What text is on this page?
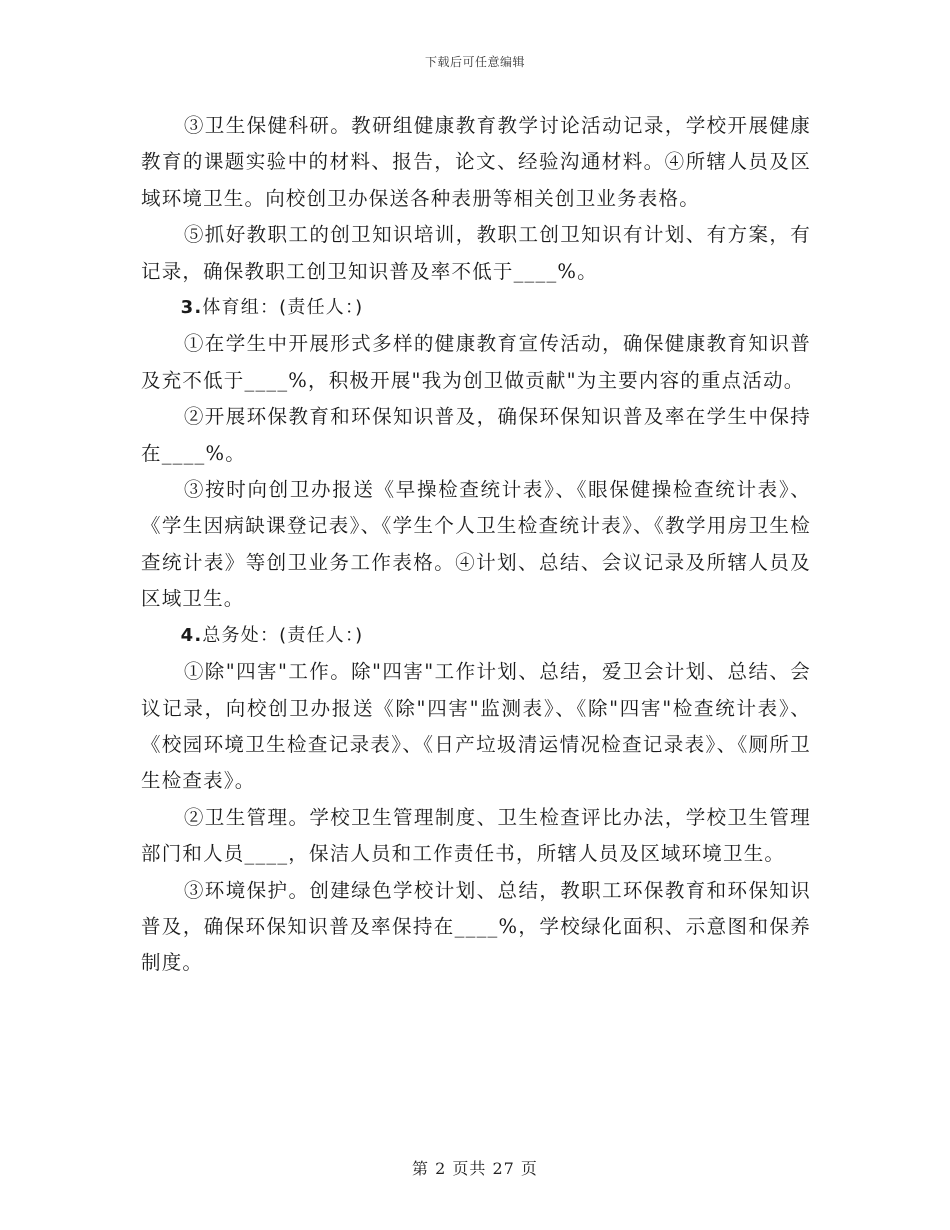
下载后可任意编辑

③卫生保健科研。教研组健康教育教学讨论活动记录，学校开展健康教育的课题实验中的材料、报告，论文、经验沟通材料。④所辖人员及区域环境卫生。向校创卫办保送各种表册等相关创卫业务表格。

⑤抓好教职工的创卫知识培训，教职工创卫知识有计划、有方案，有记录，确保教职工创卫知识普及率不低于____%。

3.体育组：(责任人：)

①在学生中开展形式多样的健康教育宣传活动，确保健康教育知识普及充不低于____%，积极开展"我为创卫做贡献"为主要内容的重点活动。

②开展环保教育和环保知识普及，确保环保知识普及率在学生中保持在____%。

③按时向创卫办报送《早操检查统计表》、《眼保健操检查统计表》、《学生因病缺课登记表》、《学生个人卫生检查统计表》、《教学用房卫生检查统计表》等创卫业务工作表格。④计划、总结、会议记录及所辖人员及区域卫生。

4.总务处：(责任人：)

①除"四害"工作。除"四害"工作计划、总结，爱卫会计划、总结、会议记录，向校创卫办报送《除"四害"监测表》、《除"四害"检查统计表》、《校园环境卫生检查记录表》、《日产垃圾清运情况检查记录表》、《厕所卫生检查表》。

②卫生管理。学校卫生管理制度、卫生检查评比办法，学校卫生管理部门和人员____，保洁人员和工作责任书，所辖人员及区域环境卫生。

③环境保护。创建绿色学校计划、总结，教职工环保教育和环保知识普及，确保环保知识普及率保持在____%，学校绿化面积、示意图和保养制度。

第 2 页共 27 页
